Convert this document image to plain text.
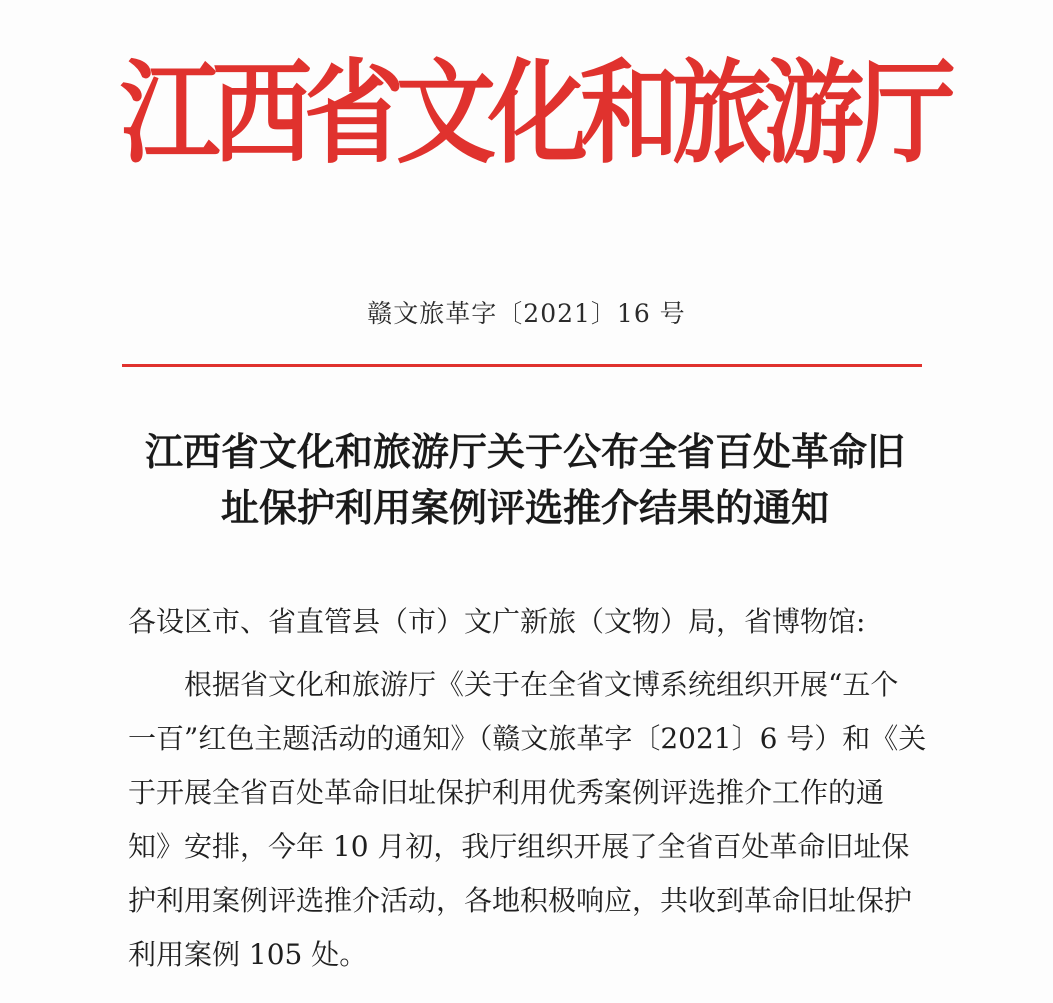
江
西
省
文
化
和
旅
游
厅
赣文旅革字〔2021〕16 号
江西省文化和旅游厅关于公布全省百处革命旧
址保护利用案例评选推介结果的通知
各设区市、省直管县（市）文广新旅（文物）局，省博物馆:
根据省文化和旅游厅《关于在全省文博系统组织开展“五个
一百”红色主题活动的通知》（赣文旅革字〔2021〕6 号）和《关
于开展全省百处革命旧址保护利用优秀案例评选推介工作的通
知》安排，今年 10 月初，我厅组织开展了全省百处革命旧址保
护利用案例评选推介活动，各地积极响应，共收到革命旧址保护
利用案例 105 处。
